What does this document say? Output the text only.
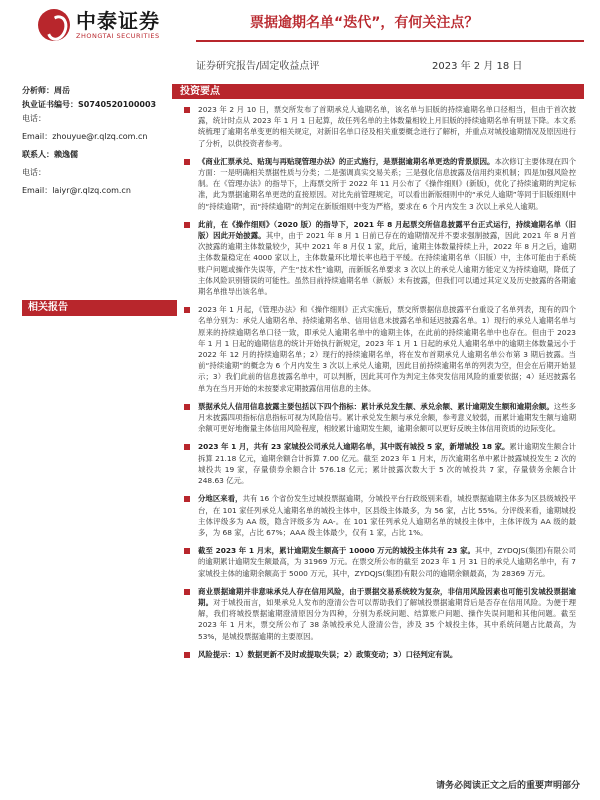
中泰证券
ZHONGTAI SECURITIES
票据逾期名单“迭代”，有何关注点？
证券研究报告/固定收益点评	2023 年 2 月 18 日
分析师：周岳
执业证书编号：S0740520100003
电话：
Email：zhouyue@r.qlzq.com.cn
联系人：赖逸儒
电话：
Email：laiyr@r.qlzq.com.cn
相关报告
投资要点
2023 年 2 月 10 日，票交所发布了首期承兑人逾期名单，该名单与旧版的持续逾期名单口径相当，但由于首次披露，统计时点从 2023 年 1 月 1 日起算，故任列名单的主体数量相较上月旧版的持续逾期名单有明显下降。本文系统梳理了逾期名单变更的相关规定，对新旧名单口径及相关重要概念进行了解析，并重点对城投逾期情况及原因进行了分析，以供投资者参考。
《商业汇票承兑、贴现与再贴现管理办法》的正式施行，是票据逾期名单更迭的背景原因。本次修订主要体现在四个方面：一是明确相关票据性质与分类；二是强调真实交易关系；三是强化信息披露及信用约束机制；四是加强风险控制。在《管理办法》的指导下，上海票交所于 2022 年 11 月公布了《操作细则》(新版)，优化了持续逾期的判定标准，此为票据逾期名单更迭的直接原因。对比先前管理规定，可以看出新版细则中的“承兑人逾期”等同于旧版细则中的“持续逾期”，而“持续逾期”的判定在新版细则中变为严格，要求在 6 个月内发生 3 次以上承兑人逾期。
此前，在《操作细则》（2020 版）的指导下，2021 年 8 月起票交所信息披露平台正式运行，持续逾期名单（旧版）因此开始披露。其中，由于 2021 年 8 月 1 日前已存在的逾期情况并不要求强制披露，因此 2021 年 8 月首次披露的逾期主体数量较少，其中 2021 年 8 月仅 1 家，此后，逾期主体数量持续上升，2022 年 8 月之后，逾期主体数量稳定在 4000 家以上，主体数量环比增长率也趋于平缓。在持续逾期名单（旧版）中，主体可能由于系统账户问题或操作失误等，产生“技术性”逾期，而新版名单要求 3 次以上的承兑人逾期方能定义为持续逾期，降低了主体风险识别错误的可能性。虽然目前持续逾期名单（新版）未有披露，但我们可以通过其定义及历史披露的各期逾期名单推导出该名单。
2023 年 1 月起，《管理办法》和《操作细则》正式实施后，票交所票据信息披露平台重设了名单列表，现有的四个名单分别为：承兑人逾期名单、持续逾期名单、信用信息未披露名单和延迟披露名单。1）现行的承兑人逾期名单与原来的持续逾期名单口径一致，即承兑人逾期名单中的逾期主体，在此前的持续逾期名单中也存在。但由于 2023 年 1 月 1 日起的逾期信息的统计开始执行新规定，2023 年 1 月 1 日起的承兑人逾期名单中的逾期主体数量远小于 2022 年 12 月的持续逾期名单；2）现行的持续逾期名单，将在发布首期承兑人逾期名单公布第 3 期后披露。当前“持续逾期”的概念为 6 个月内发生 3 次以上承兑人逾期，因此目前持续逾期名单的列表为空，但会在后期开始显示；3）我们此前的信息披露名单中，可以判断，因此其可作为判定主体突发信用风险的重要依据；4）延迟披露名单为在当月开始的未按要求定期披露信用信息的主体。
票据承兑人信用信息披露主要包括以下四个指标：累计承兑发生额、承兑余额、累计逾期发生额和逾期余额。这些多月未披露四项指标信息指标可视为风险信号。累计承兑发生额与承兑余额，参考意义较弱，而累计逾期发生额与逾期余额可更好地衡量主体信用风险程度，相较累计逾期发生额，逾期余额可以更好反映主体信用资质的边际变化。
2023 年 1 月，共有 23 家城投公司承兑人逾期名单，其中既有城投 5 家，新增城投 18 家。累计逾期发生额合计拆算 21.18 亿元，逾期余额合计拆算 7.00 亿元。截至 2023 年 1 月末，历次逾期名单中累计披露城投发生 2 次的城投共 19 家，存量债券余额合计 576.18 亿元；累计披露次数大于 5 次的城投共 7 家，存量债务余额合计 248.63 亿元。
分地区来看，共有 16 个省份发生过城投票据逾期，分城投平台行政级别来看，城投票据逾期主体多为区县级城投平台，在 101 家任列承兑人逾期名单的城投主体中，区县级主体最多，为 56 家，占比 55%。分评级来看，逾期城投主体评级多为 AA 级，隐含评级多为 AA-。在 101 家任列承兑人逾期名单的城投主体中，主体评级为 AA 级的最多，为 68 家，占比 67%；AAA 级主体最少，仅有 1 家，占比 1%。
截至 2023 年 1 月末，累计逾期发生额高于 10000 万元的城投主体共有 23 家。其中，ZYDQJS(集团)有限公司的逾期累计逾期发生额最高，为 31969 万元。在票交所公布的截至 2023 年 1 月 31 日的承兑人逾期名单中，有 7 家城投主体的逾期余额高于 5000 万元，其中，ZYDQJS(集团)有限公司的逾期余额最高，为 28369 万元。
商业票据逾期并非意味承兑人存在信用风险，由于票据交易系统较为复杂，非信用风险因素也可能引发城投票据逾期。对于城投而言，如果承兑人发布的澄清公告可以帮助我们了解城投票据逾期背后是否存在信用风险。为便于理解，我们将城投票据逾期澄清原因分为四种，分别为系统问题、结算账户问题、操作失误问题和其他问题。截至 2023 年 1 月末，票交所公布了 38 条城投承兑人澄清公告，涉及 35 个城投主体，其中系统问题占比最高，为 53%，是城投票据逾期的主要原因。
风险提示：1）数据更新不及时或提取失误；2）政策变动；3）口径判定有误。
请务必阅读正文之后的重要声明部分
